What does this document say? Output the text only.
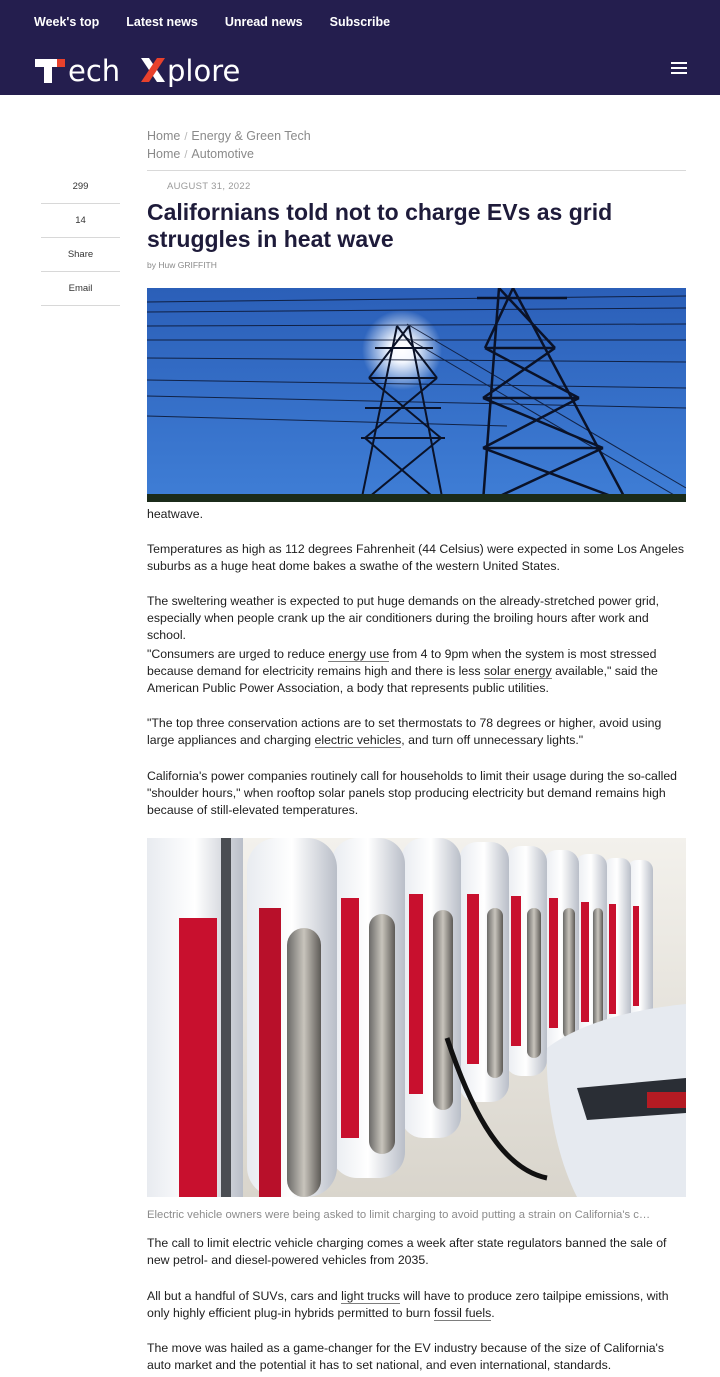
Week's top Latest news Unread news Subscribe
ech plore
Home / Energy & Green Tech
Home / Automotive
299
14
Share
Email
AUGUST 31, 2022
Californians told not to charge EVs as grid struggles in heat wave
by Huw GRIFFITH

heatwave.

Temperatures as high as 112 degrees Fahrenheit (44 Celsius) were expected in some Los Angeles suburbs as a huge heat dome bakes a swathe of the western United States.

The sweltering weather is expected to put huge demands on the already-stretched power grid, especially when people crank up the air conditioners during the broiling hours after work and school.

"Consumers are urged to reduce energy use from 4 to 9pm when the system is most stressed because demand for electricity remains high and there is less solar energy available," said the American Public Power Association, a body that represents public utilities.

"The top three conservation actions are to set thermostats to 78 degrees or higher, avoid using large appliances and charging electric vehicles, and turn off unnecessary lights."

California's power companies routinely call for households to limit their usage during the so-called "shoulder hours," when rooftop solar panels stop producing electricity but demand remains high because of still-elevated temperatures.

Electric vehicle owners were being asked to limit charging to avoid putting a strain on California's c…

The call to limit electric vehicle charging comes a week after state regulators banned the sale of new petrol- and diesel-powered vehicles from 2035.

All but a handful of SUVs, cars and light trucks will have to produce zero tailpipe emissions, with only highly efficient plug-in hybrids permitted to burn fossil fuels.

The move was hailed as a game-changer for the EV industry because of the size of California's auto market and the potential it has to set national, and even international, standards.
